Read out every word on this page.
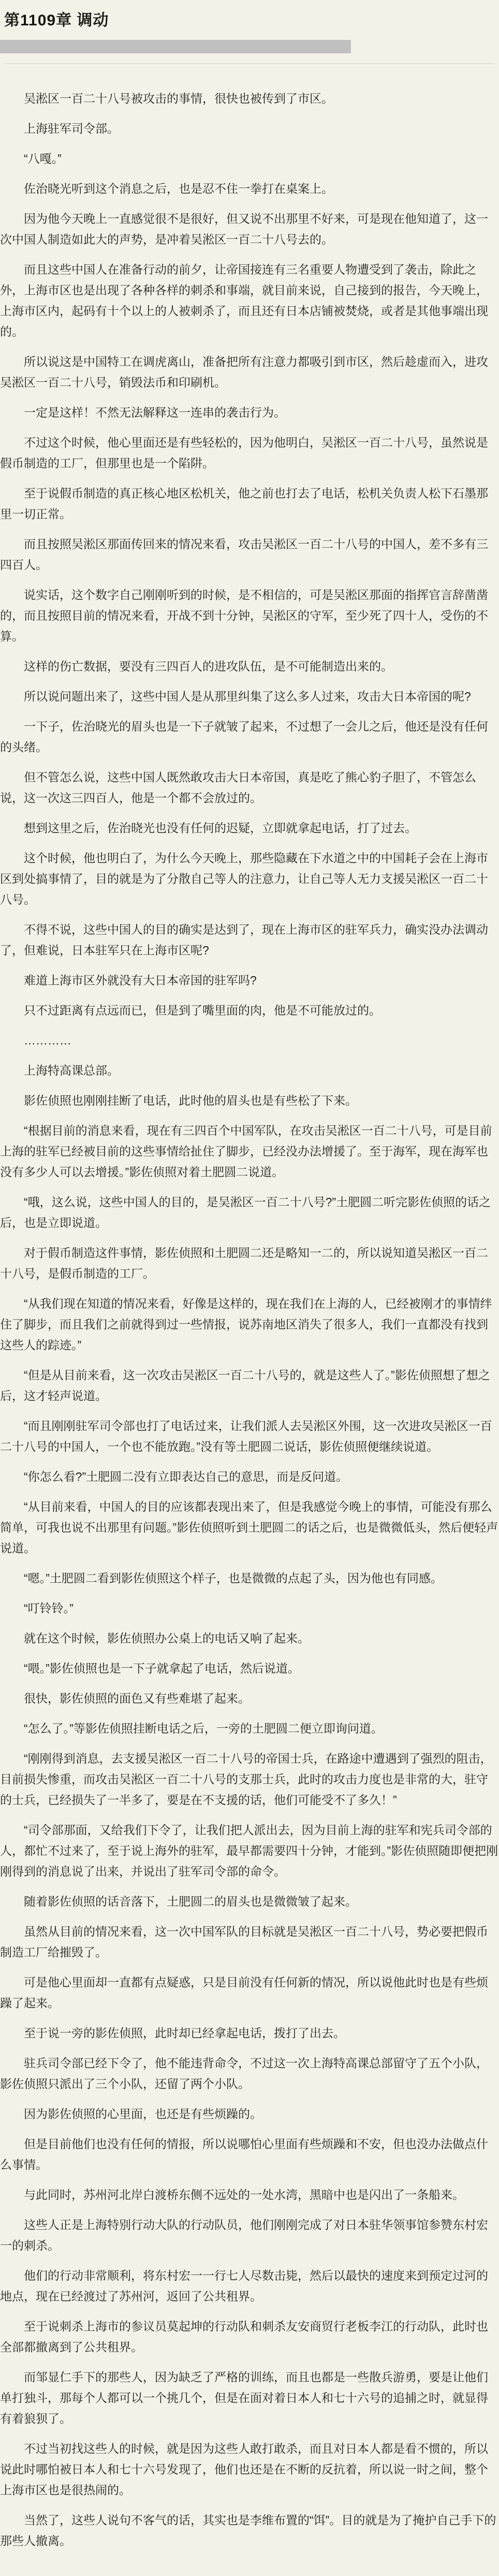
第1109章 调动

吴淞区一百二十八号被攻击的事情，很快也被传到了市区。

上海驻军司令部。

“八嘎。”

佐治晓光听到这个消息之后，也是忍不住一拳打在桌案上。

因为他今天晚上一直感觉很不是很好，但又说不出那里不好来，可是现在他知道了，这一次中国人制造如此大的声势，是冲着吴淞区一百二十八号去的。

而且这些中国人在准备行动的前夕，让帝国接连有三名重要人物遭受到了袭击，除此之外，上海市区也是出现了各种各样的刺杀和事端，就目前来说，自己接到的报告，今天晚上，上海市区内，起码有十个以上的人被刺杀了，而且还有日本店铺被焚烧，或者是其他事端出现的。

所以说这是中国特工在调虎离山，准备把所有注意力都吸引到市区，然后趁虚而入，进攻吴淞区一百二十八号，销毁法币和印刷机。

一定是这样！不然无法解释这一连串的袭击行为。

不过这个时候，他心里面还是有些轻松的，因为他明白，吴淞区一百二十八号，虽然说是假币制造的工厂，但那里也是一个陷阱。

至于说假币制造的真正核心地区松机关，他之前也打去了电话，松机关负责人松下石墨那里一切正常。

而且按照吴淞区那面传回来的情况来看，攻击吴淞区一百二十八号的中国人，差不多有三四百人。

说实话，这个数字自己刚刚听到的时候，是不相信的，可是吴淞区那面的指挥官言辞凿凿的，而且按照目前的情况来看，开战不到十分钟，吴淞区的守军，至少死了四十人，受伤的不算。

这样的伤亡数据，要没有三四百人的进攻队伍，是不可能制造出来的。

所以说问题出来了，这些中国人是从那里纠集了这么多人过来，攻击大日本帝国的呢?

一下子，佐治晓光的眉头也是一下子就皱了起来，不过想了一会儿之后，他还是没有任何的头绪。

但不管怎么说，这些中国人既然敢攻击大日本帝国，真是吃了熊心豹子胆了，不管怎么说，这一次这三四百人，他是一个都不会放过的。

想到这里之后，佐治晓光也没有任何的迟疑，立即就拿起电话，打了过去。

这个时候，他也明白了，为什么今天晚上，那些隐藏在下水道之中的中国耗子会在上海市区到处搞事情了，目的就是为了分散自己等人的注意力，让自己等人无力支援吴淞区一百二十八号。

不得不说，这些中国人的目的确实是达到了，现在上海市区的驻军兵力，确实没办法调动了，但难说，日本驻军只在上海市区呢?

难道上海市区外就没有大日本帝国的驻军吗?

只不过距离有点远而已，但是到了嘴里面的肉，他是不可能放过的。

…………

上海特高课总部。

影佐侦照也刚刚挂断了电话，此时他的眉头也是有些松了下来。

“根据目前的消息来看，现在有三四百个中国军队，在攻击吴淞区一百二十八号，可是目前上海的驻军已经被目前的这些事情给扯住了脚步，已经没办法增援了。至于海军，现在海军也没有多少人可以去增援。”影佐侦照对着土肥圆二说道。

“哦，这么说，这些中国人的目的，是吴淞区一百二十八号?”土肥圆二听完影佐侦照的话之后，也是立即说道。

对于假币制造这件事情，影佐侦照和土肥圆二还是略知一二的，所以说知道吴淞区一百二十八号，是假币制造的工厂。

“从我们现在知道的情况来看，好像是这样的，现在我们在上海的人，已经被刚才的事情绊住了脚步，而且我们之前就得到过一些情报，说苏南地区消失了很多人，我们一直都没有找到这些人的踪迹。”

“但是从目前来看，这一次攻击吴淞区一百二十八号的，就是这些人了。”影佐侦照想了想之后，这才轻声说道。

“而且刚刚驻军司令部也打了电话过来，让我们派人去吴淞区外围，这一次进攻吴淞区一百二十八号的中国人，一个也不能放跑。”没有等土肥圆二说话，影佐侦照便继续说道。

“你怎么看?”土肥圆二没有立即表达自己的意思，而是反问道。

“从目前来看，中国人的目的应该都表现出来了，但是我感觉今晚上的事情，可能没有那么简单，可我也说不出那里有问题。”影佐侦照听到土肥圆二的话之后，也是微微低头，然后便轻声说道。

“嗯。”土肥圆二看到影佐侦照这个样子，也是微微的点起了头，因为他也有同感。

“叮铃铃。”

就在这个时候，影佐侦照办公桌上的电话又响了起来。

“喂。”影佐侦照也是一下子就拿起了电话，然后说道。

很快，影佐侦照的面色又有些难堪了起来。

“怎么了。”等影佐侦照挂断电话之后，一旁的土肥圆二便立即询问道。

“刚刚得到消息，去支援吴淞区一百二十八号的帝国士兵，在路途中遭遇到了强烈的阻击，目前损失惨重，而攻击吴淞区一百二十八号的支那士兵，此时的攻击力度也是非常的大，驻守的士兵，已经损失了一半多了，要是在不支援的话，他们可能受不了多久！”

“司令部那面，又给我们下令了，让我们把人派出去，因为目前上海的驻军和宪兵司令部的人，都忙不过来了，至于说上海外的驻军，最早都需要四十分钟，才能到。”影佐侦照随即便把刚刚得到的消息说了出来，并说出了驻军司令部的命令。

随着影佐侦照的话音落下，土肥圆二的眉头也是微微皱了起来。

虽然从目前的情况来看，这一次中国军队的目标就是吴淞区一百二十八号，势必要把假币制造工厂给摧毁了。

可是他心里面却一直都有点疑惑，只是目前没有任何新的情况，所以说他此时也是有些烦躁了起来。

至于说一旁的影佐侦照，此时却已经拿起电话，拨打了出去。

驻兵司令部已经下令了，他不能违背命令，不过这一次上海特高课总部留守了五个小队，影佐侦照只派出了三个小队，还留了两个小队。

因为影佐侦照的心里面，也还是有些烦躁的。

但是目前他们也没有任何的情报，所以说哪怕心里面有些烦躁和不安，但也没办法做点什么事情。

与此同时，苏州河北岸白渡桥东侧不远处的一处水湾，黑暗中也是闪出了一条船来。

这些人正是上海特别行动大队的行动队员，他们刚刚完成了对日本驻华领事馆参赞东村宏一的刺杀。

他们的行动非常顺利，将东村宏一一行七人尽数击毙，然后以最快的速度来到预定过河的地点，现在已经渡过了苏州河，返回了公共租界。

至于说刺杀上海市的参议员莫起坤的行动队和刺杀友安商贸行老板李江的行动队，此时也全部都撤离到了公共租界。

而邹显仁手下的那些人，因为缺乏了严格的训练，而且也都是一些散兵游勇，要是让他们单打独斗，那每个人都可以一个挑几个，但是在面对着日本人和七十六号的追捕之时，就显得有着狼狈了。

不过当初找这些人的时候，就是因为这些人敢打敢杀，而且对日本人都是看不惯的，所以说此时哪怕被日本人和七十六号发现了，他们也还是在不断的反抗着，所以说一时之间，整个上海市区也是很热闹的。

当然了，这些人说句不客气的话，其实也是李维布置的“饵”。目的就是为了掩护自己手下的那些人撤离。
